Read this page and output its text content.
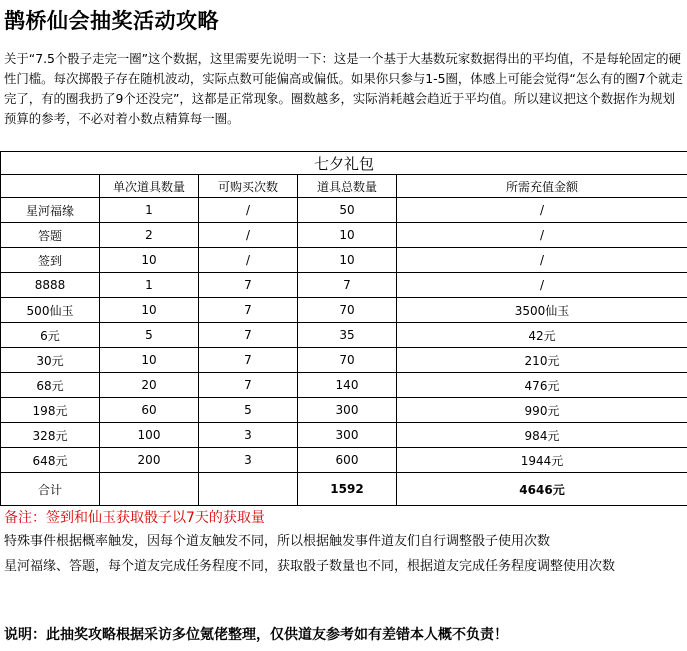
鹊桥仙会抽奖活动攻略

关于“7.5个骰子走完一圈”这个数据，这里需要先说明一下：这是一个基于大基数玩家数据得出的平均值，不是每轮固定的硬性门槛。每次掷骰子存在随机波动，实际点数可能偏高或偏低。如果你只参与1-5圈，体感上可能会觉得“怎么有的圈7个就走完了，有的圈我扔了9个还没完”，这都是正常现象。圈数越多，实际消耗越会趋近于平均值。所以建议把这个数据作为规划预算的参考，不必对着小数点精算每一圈。

七夕礼包				
	单次道具数量	可购买次数	道具总数量	所需充值金额
星河福缘	1	/	50	/
答题	2	/	10	/
签到	10	/	10	/
8888	1	7	7	/
500仙玉	10	7	70	3500仙玉
6元	5	7	35	42元
30元	10	7	70	210元
68元	20	7	140	476元
198元	60	5	300	990元
328元	100	3	300	984元
648元	200	3	600	1944元
合计			1592	4646元
备注：签到和仙玉获取骰子以7天的获取量
特殊事件根据概率触发，因每个道友触发不同，所以根据触发事件道友们自行调整骰子使用次数
星河福缘、答题，每个道友完成任务程度不同，获取骰子数量也不同，根据道友完成任务程度调整使用次数
说明：此抽奖攻略根据采访多位氪佬整理，仅供道友参考如有差错本人概不负责！
